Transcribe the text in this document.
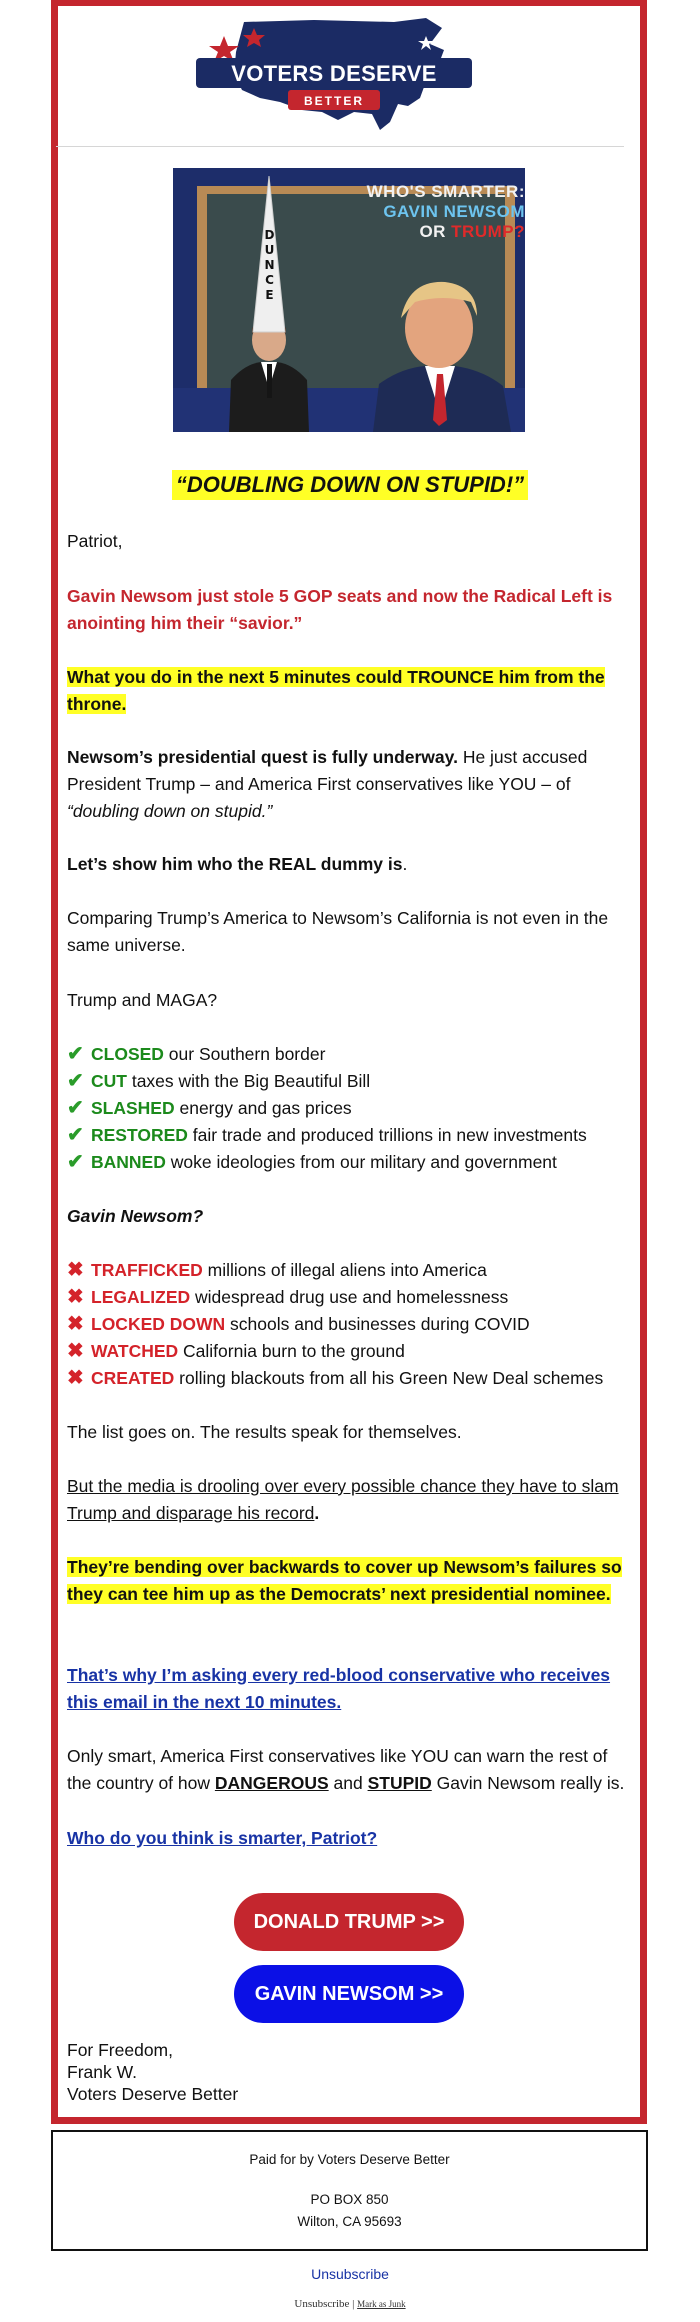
VOTERS DESERVE
BETTER
DUNCE
WHO'S SMARTER:
GAVIN NEWSOM
OR TRUMP?
“DOUBLING DOWN ON STUPID!”

Patriot,

Gavin Newsom just stole 5 GOP seats and now the Radical Left is anointing him their “savior.”

What you do in the next 5 minutes could TROUNCE him from the throne.

Newsom’s presidential quest is fully underway. He just accused President Trump – and America First conservatives like YOU – of “doubling down on stupid.”

Let’s show him who the REAL dummy is.

Comparing Trump’s America to Newsom’s California is not even in the same universe.

Trump and MAGA?

✔ CLOSED our Southern border
✔ CUT taxes with the Big Beautiful Bill
✔ SLASHED energy and gas prices
✔ RESTORED fair trade and produced trillions in new investments
✔ BANNED woke ideologies from our military and government

Gavin Newsom?

✖ TRAFFICKED millions of illegal aliens into America
✖ LEGALIZED widespread drug use and homelessness
✖ LOCKED DOWN schools and businesses during COVID
✖ WATCHED California burn to the ground
✖ CREATED rolling blackouts from all his Green New Deal schemes

The list goes on. The results speak for themselves.

But the media is drooling over every possible chance they have to slam Trump and disparage his record.

They’re bending over backwards to cover up Newsom’s failures so they can tee him up as the Democrats’ next presidential nominee.

That’s why I’m asking every red-blood conservative who receives this email in the next 10 minutes.

Only smart, America First conservatives like YOU can warn the rest of the country of how DANGEROUS and STUPID Gavin Newsom really is.

Who do you think is smarter, Patriot?

DONALD TRUMP >>
GAVIN NEWSOM >>
For Freedom,
Frank W.
Voters Deserve Better
Paid for by Voters Deserve Better
PO BOX 850
Wilton, CA 95693
Unsubscribe
Unsubscribe | Mark as Junk
